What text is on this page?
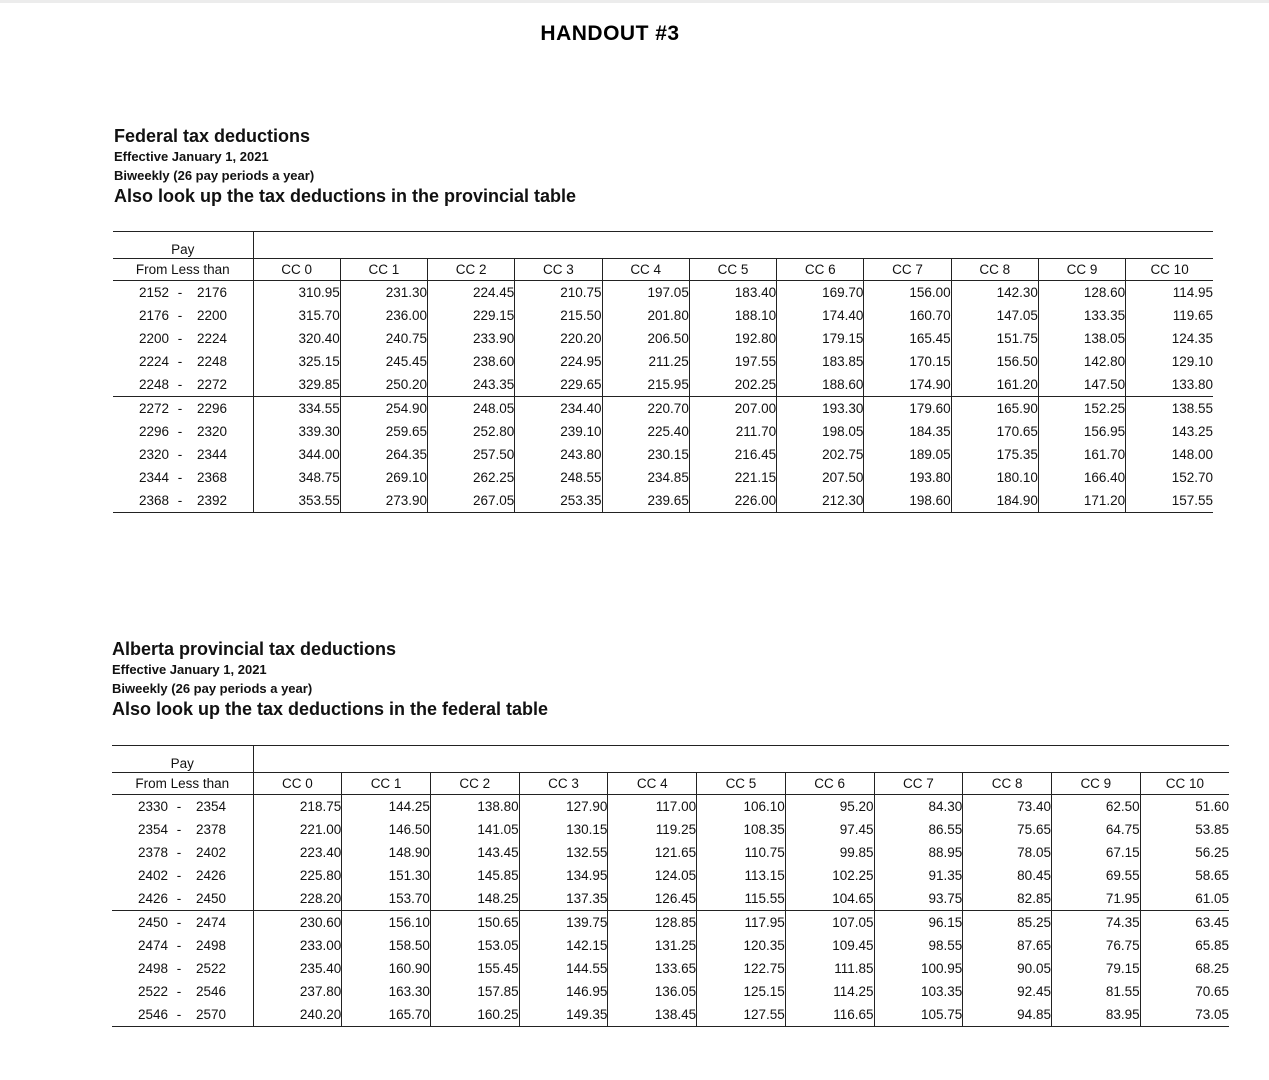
HANDOUT #3
Federal tax deductions
Effective January 1, 2021
Biweekly (26 pay periods a year)
Also look up the tax deductions in the provincial table
Pay											
From Less than	CC 0	CC 1	CC 2	CC 3	CC 4	CC 5	CC 6	CC 7	CC 8	CC 9	CC 10
2152 - 2176	310.95	231.30	224.45	210.75	197.05	183.40	169.70	156.00	142.30	128.60	114.95
2176 - 2200	315.70	236.00	229.15	215.50	201.80	188.10	174.40	160.70	147.05	133.35	119.65
2200 - 2224	320.40	240.75	233.90	220.20	206.50	192.80	179.15	165.45	151.75	138.05	124.35
2224 - 2248	325.15	245.45	238.60	224.95	211.25	197.55	183.85	170.15	156.50	142.80	129.10
2248 - 2272	329.85	250.20	243.35	229.65	215.95	202.25	188.60	174.90	161.20	147.50	133.80
2272 - 2296	334.55	254.90	248.05	234.40	220.70	207.00	193.30	179.60	165.90	152.25	138.55
2296 - 2320	339.30	259.65	252.80	239.10	225.40	211.70	198.05	184.35	170.65	156.95	143.25
2320 - 2344	344.00	264.35	257.50	243.80	230.15	216.45	202.75	189.05	175.35	161.70	148.00
2344 - 2368	348.75	269.10	262.25	248.55	234.85	221.15	207.50	193.80	180.10	166.40	152.70
2368 - 2392	353.55	273.90	267.05	253.35	239.65	226.00	212.30	198.60	184.90	171.20	157.55
Alberta provincial tax deductions
Effective January 1, 2021
Biweekly (26 pay periods a year)
Also look up the tax deductions in the federal table
Pay											
From Less than	CC 0	CC 1	CC 2	CC 3	CC 4	CC 5	CC 6	CC 7	CC 8	CC 9	CC 10
2330 - 2354	218.75	144.25	138.80	127.90	117.00	106.10	95.20	84.30	73.40	62.50	51.60
2354 - 2378	221.00	146.50	141.05	130.15	119.25	108.35	97.45	86.55	75.65	64.75	53.85
2378 - 2402	223.40	148.90	143.45	132.55	121.65	110.75	99.85	88.95	78.05	67.15	56.25
2402 - 2426	225.80	151.30	145.85	134.95	124.05	113.15	102.25	91.35	80.45	69.55	58.65
2426 - 2450	228.20	153.70	148.25	137.35	126.45	115.55	104.65	93.75	82.85	71.95	61.05
2450 - 2474	230.60	156.10	150.65	139.75	128.85	117.95	107.05	96.15	85.25	74.35	63.45
2474 - 2498	233.00	158.50	153.05	142.15	131.25	120.35	109.45	98.55	87.65	76.75	65.85
2498 - 2522	235.40	160.90	155.45	144.55	133.65	122.75	111.85	100.95	90.05	79.15	68.25
2522 - 2546	237.80	163.30	157.85	146.95	136.05	125.15	114.25	103.35	92.45	81.55	70.65
2546 - 2570	240.20	165.70	160.25	149.35	138.45	127.55	116.65	105.75	94.85	83.95	73.05
